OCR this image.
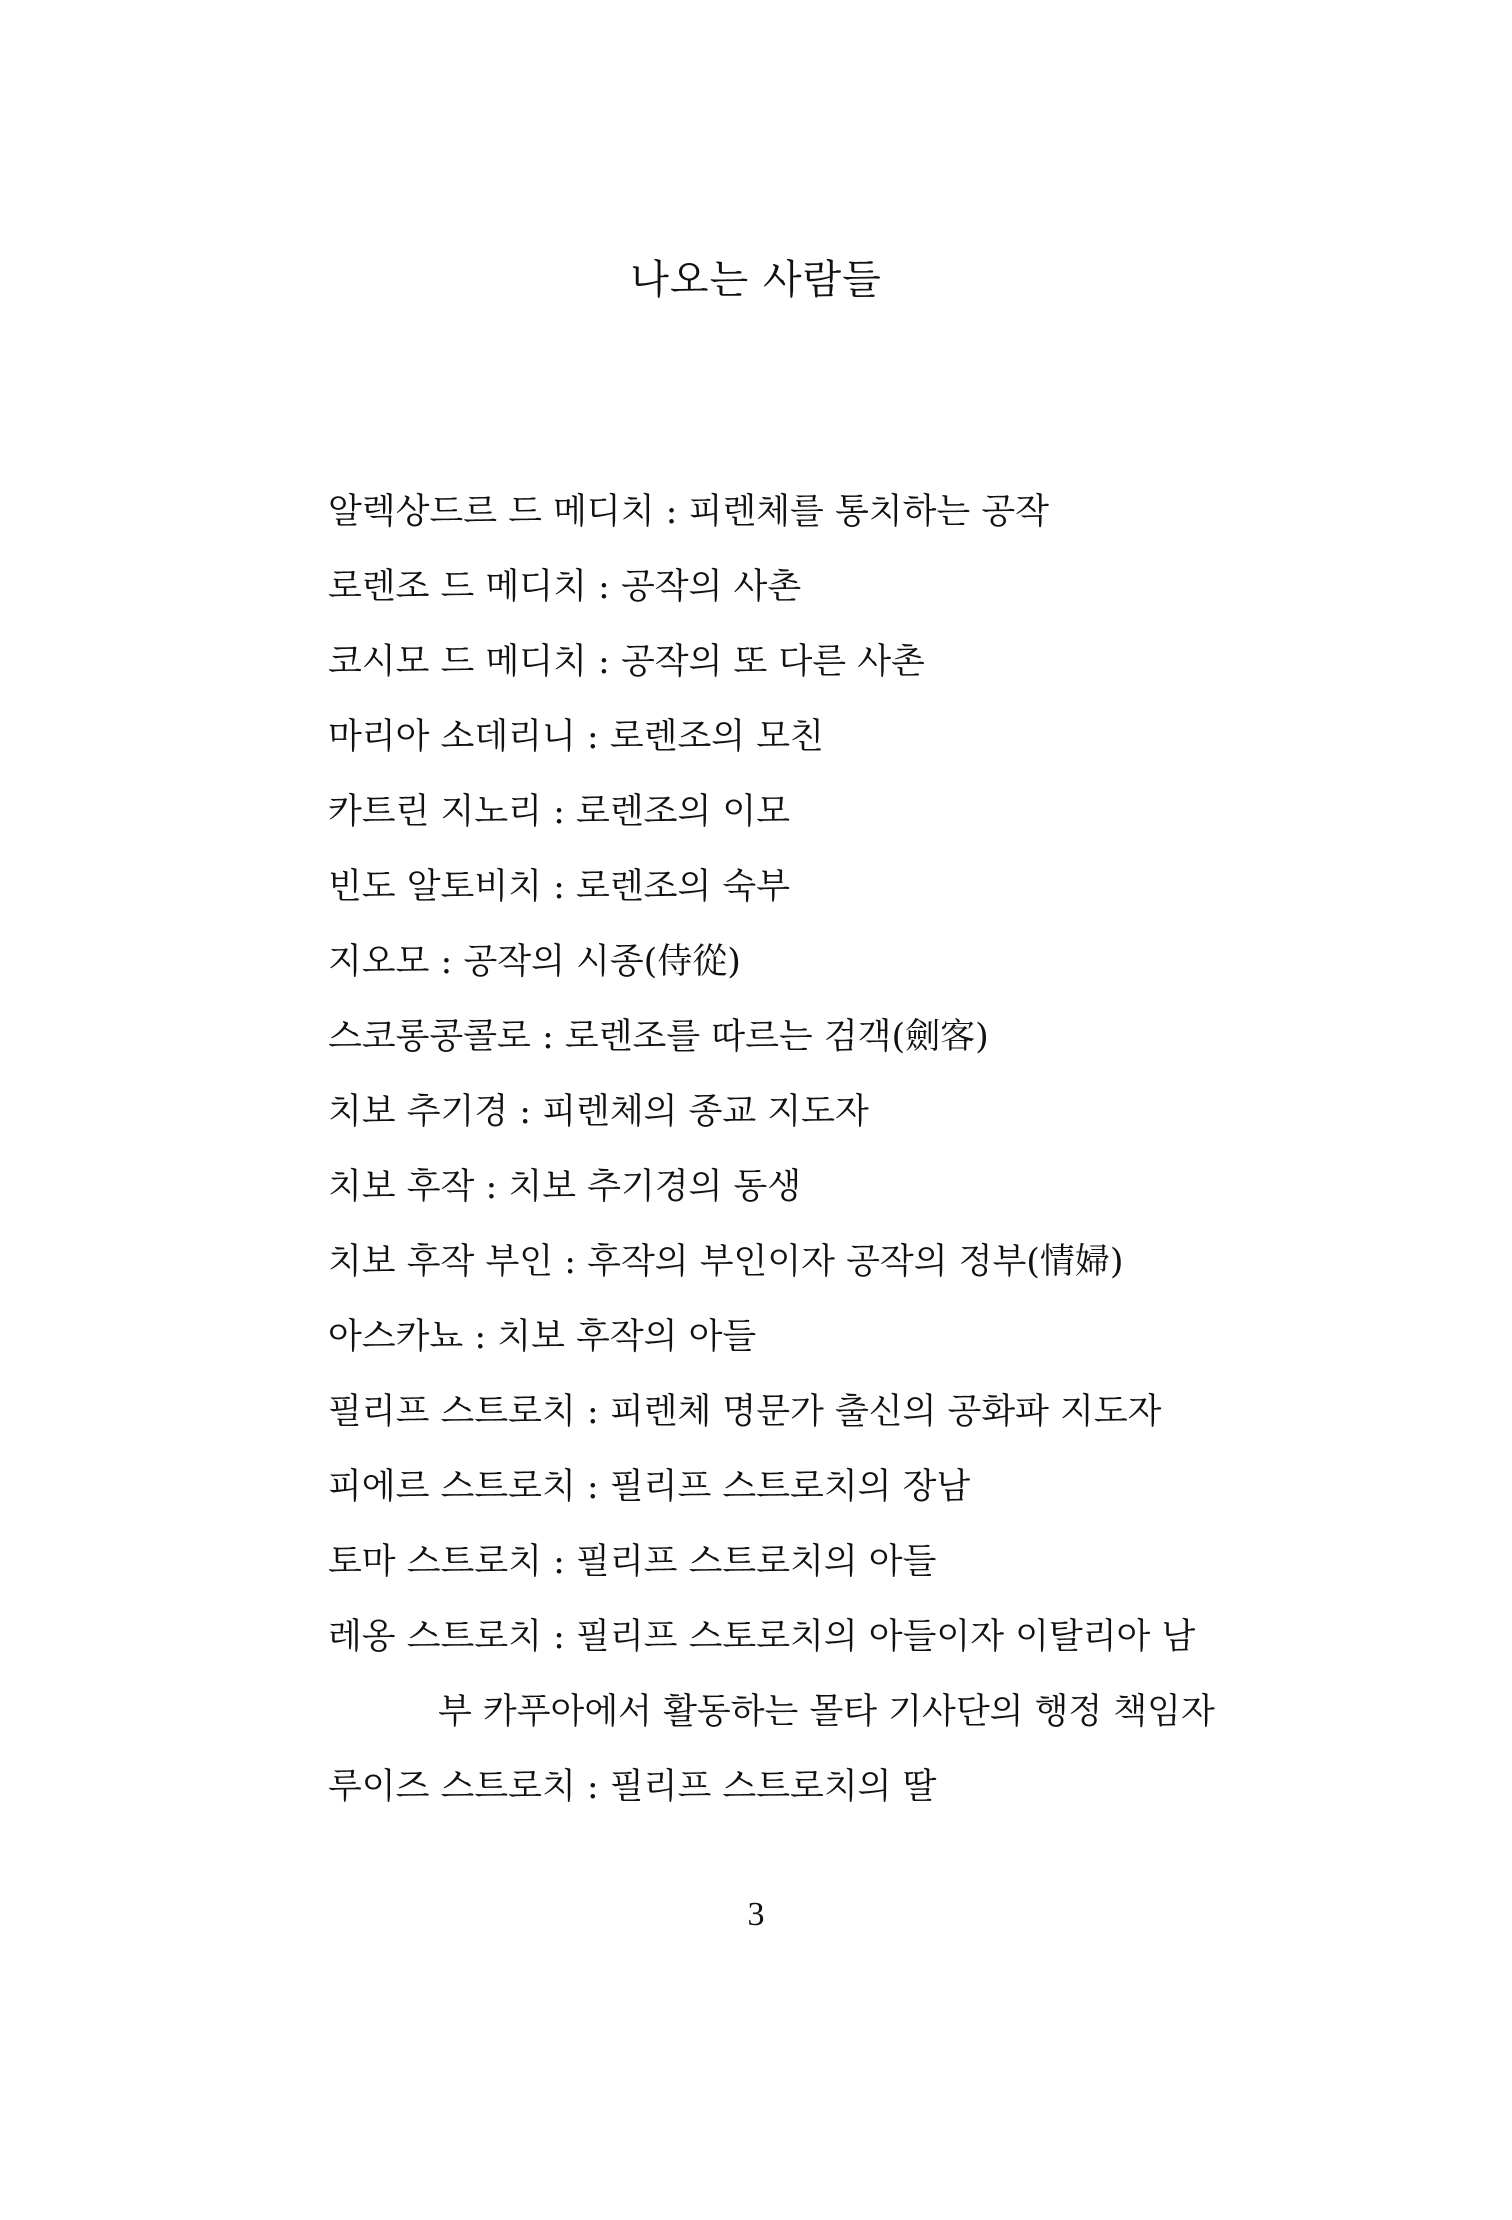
나오는 사람들
알렉상드르 드 메디치 : 피렌체를 통치하는 공작
로렌조 드 메디치 : 공작의 사촌
코시모 드 메디치 : 공작의 또 다른 사촌
마리아 소데리니 : 로렌조의 모친
카트린 지노리 : 로렌조의 이모
빈도 알토비치 : 로렌조의 숙부
지오모 : 공작의 시종(侍從)
스코롱콩콜로 : 로렌조를 따르는 검객(劍客)
치보 추기경 : 피렌체의 종교 지도자
치보 후작 : 치보 추기경의 동생
치보 후작 부인 : 후작의 부인이자 공작의 정부(情婦)
아스카뇨 : 치보 후작의 아들
필리프 스트로치 : 피렌체 명문가 출신의 공화파 지도자
피에르 스트로치 : 필리프 스트로치의 장남
토마 스트로치 : 필리프 스트로치의 아들
레옹 스트로치 : 필리프 스토로치의 아들이자 이탈리아 남
부 카푸아에서 활동하는 몰타 기사단의 행정 책임자
루이즈 스트로치 : 필리프 스트로치의 딸
3
